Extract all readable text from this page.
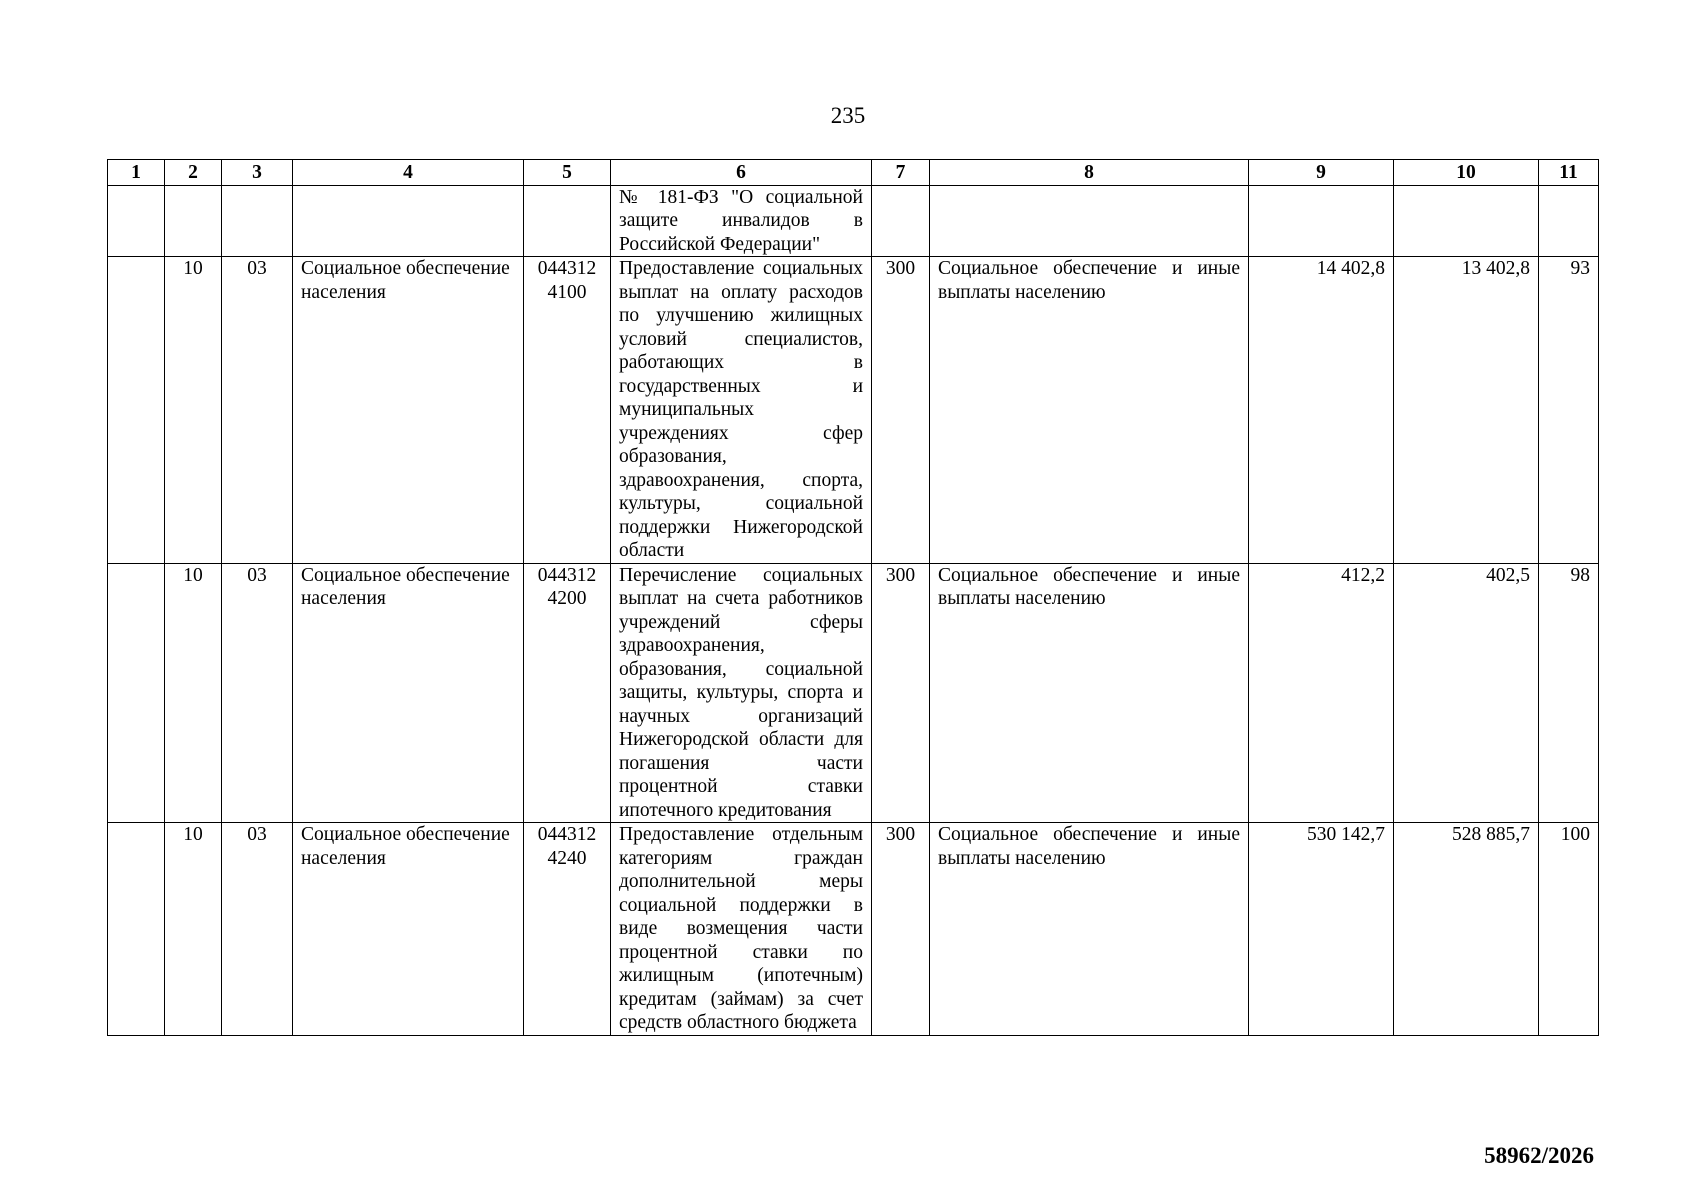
235
1	2	3	4	5	6	7	8	9	10	11
					№ 181-ФЗ "О социальной защите инвалидов в Российской Федерации"					
	10	03	Социальное обеспечение населения	044312 4100	Предоставление социальных выплат на оплату расходов по улучшению жилищных условий специалистов, работающих в государственных и муниципальных учреждениях сфер образования, здравоохранения, спорта, культуры, социальной поддержки Нижегородской области	300	Социальное обеспечение и иные выплаты населению	14 402,8	13 402,8	93
	10	03	Социальное обеспечение населения	044312 4200	Перечисление социальных выплат на счета работников учреждений сферы здравоохранения, образования, социальной защиты, культуры, спорта и научных организаций Нижегородской области для погашения части процентной ставки ипотечного кредитования	300	Социальное обеспечение и иные выплаты населению	412,2	402,5	98
	10	03	Социальное обеспечение населения	044312 4240	Предоставление отдельным категориям граждан дополнительной меры социальной поддержки в виде возмещения части процентной ставки по жилищным (ипотечным) кредитам (займам) за счет средств областного бюджета	300	Социальное обеспечение и иные выплаты населению	530 142,7	528 885,7	100
58962/2026
